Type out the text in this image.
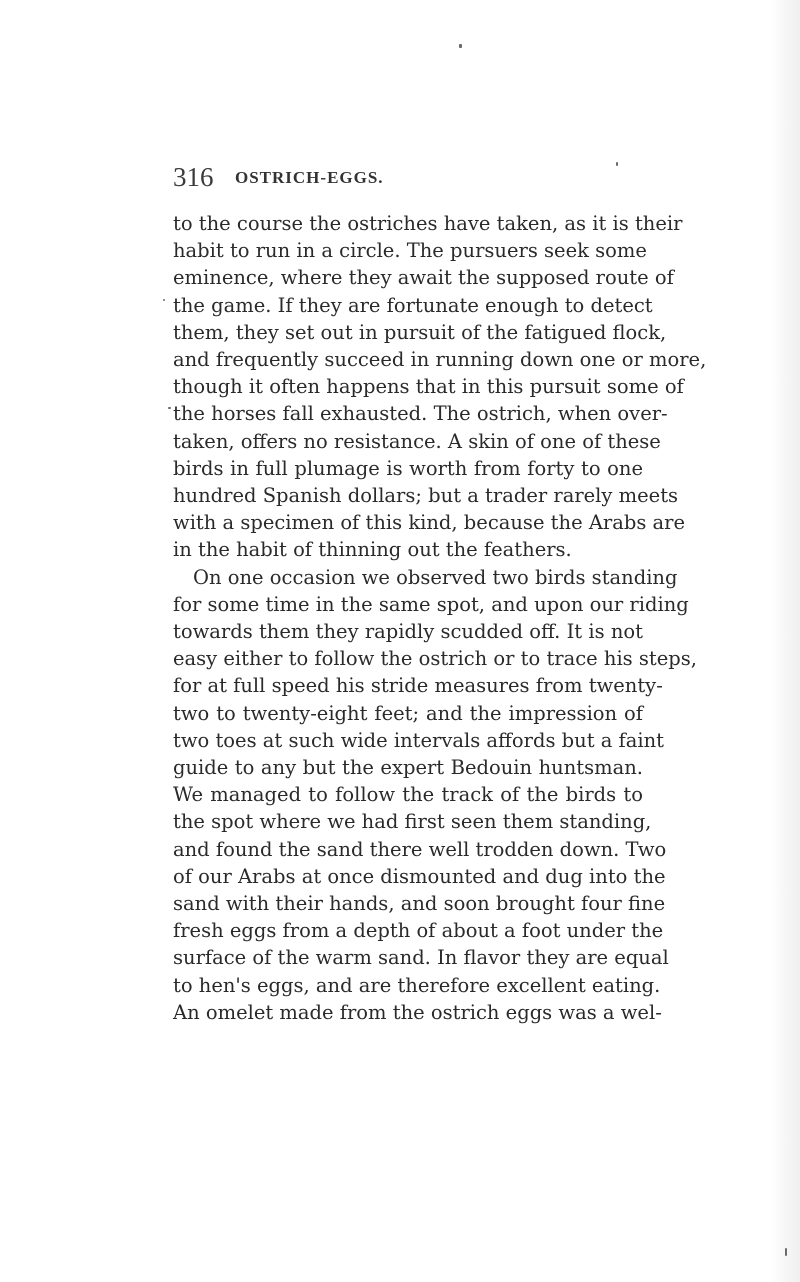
316 OSTRICH-EGGS.
to the course the ostriches have taken, as it is their
habit to run in a circle. The pursuers seek some
eminence, where they await the supposed route of
the game. If they are fortunate enough to detect
them, they set out in pursuit of the fatigued flock,
and frequently succeed in running down one or more,
though it often happens that in this pursuit some of
the horses fall exhausted. The ostrich, when over-
taken, offers no resistance. A skin of one of these
birds in full plumage is worth from forty to one
hundred Spanish dollars; but a trader rarely meets
with a specimen of this kind, because the Arabs are
in the habit of thinning out the feathers.
On one occasion we observed two birds standing
for some time in the same spot, and upon our riding
towards them they rapidly scudded off. It is not
easy either to follow the ostrich or to trace his steps,
for at full speed his stride measures from twenty-
two to twenty-eight feet; and the impression of
two toes at such wide intervals affords but a faint
guide to any but the expert Bedouin huntsman.
We managed to follow the track of the birds to
the spot where we had first seen them standing,
and found the sand there well trodden down. Two
of our Arabs at once dismounted and dug into the
sand with their hands, and soon brought four fine
fresh eggs from a depth of about a foot under the
surface of the warm sand. In flavor they are equal
to hen's eggs, and are therefore excellent eating.
An omelet made from the ostrich eggs was a wel-
